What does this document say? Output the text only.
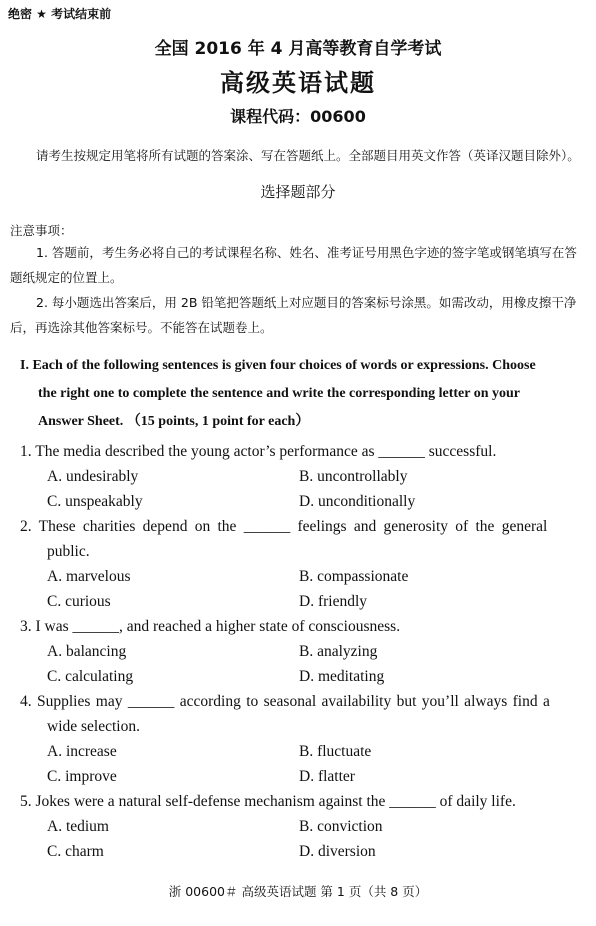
绝密 ★ 考试结束前
全国 2016 年 4 月高等教育自学考试
高级英语试题
课程代码：00600
请考生按规定用笔将所有试题的答案涂、写在答题纸上。全部题目用英文作答（英译汉题目除外）。
选择题部分
注意事项：
1. 答题前，考生务必将自己的考试课程名称、姓名、准考证号用黑色字迹的签字笔或钢笔填写在答题纸规定的位置上。
2. 每小题选出答案后，用 2B 铅笔把答题纸上对应题目的答案标号涂黑。如需改动，用橡皮擦干净后，再选涂其他答案标号。不能答在试题卷上。
I. Each of the following sentences is given four choices of words or expressions. Choose
the right one to complete the sentence and write the corresponding letter on your
Answer Sheet. （15 points, 1 point for each）
1. The media described the young actor’s performance as ______ successful.
A. undesirably	B. uncontrollably
C. unspeakably	D. unconditionally
2. These charities depend on the ______ feelings and generosity of the general
public.
A. marvelous	B. compassionate
C. curious	D. friendly
3. I was ______, and reached a higher state of consciousness.
A. balancing	B. analyzing
C. calculating	D. meditating
4. Supplies may ______ according to seasonal availability but you’ll always find a
wide selection.
A. increase	B. fluctuate
C. improve	D. flatter
5. Jokes were a natural self-defense mechanism against the ______ of daily life.
A. tedium	B. conviction
C. charm	D. diversion
浙 00600＃ 高级英语试题 第 1 页（共 8 页）
